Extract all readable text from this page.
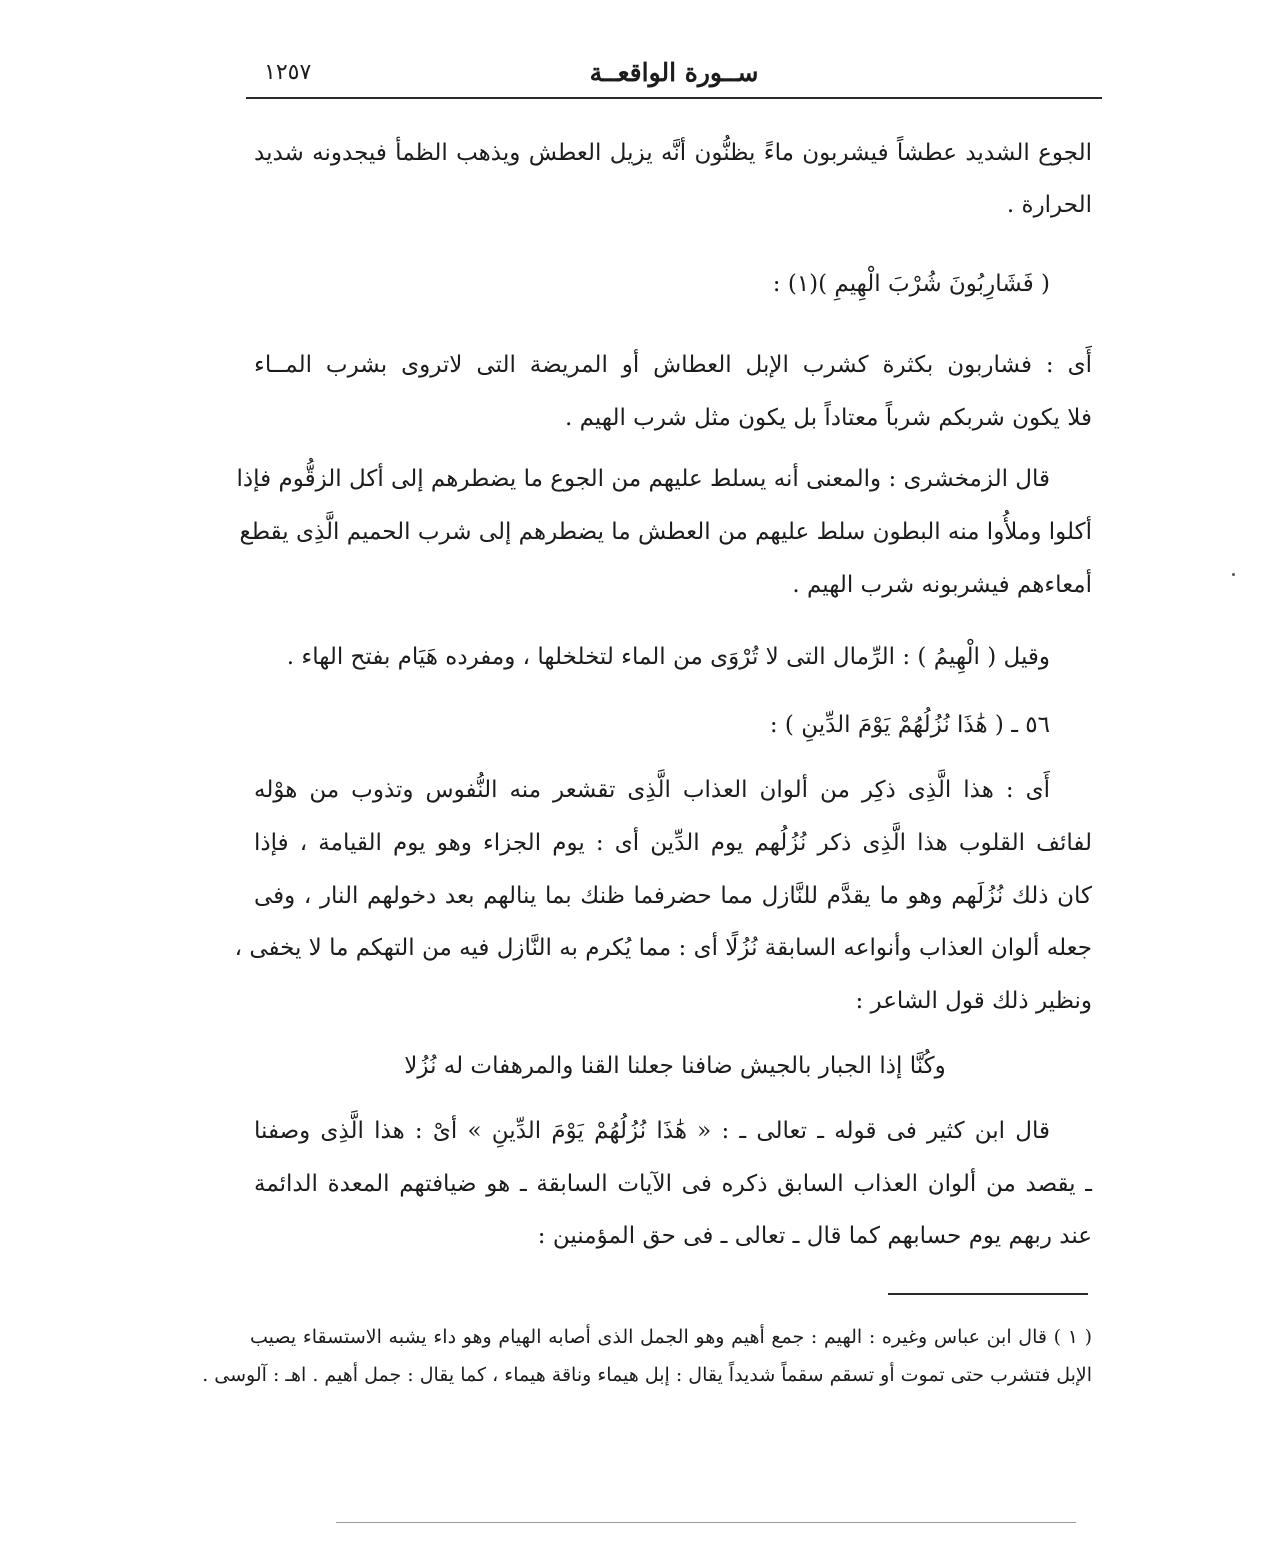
ســورة الواقعــة
١٢٥٧
الجوع الشديد عطشاً فيشربون ماءً يظنُّون أنَّه يزيل العطش ويذهب الظمأ فيجدونه شديد
الحرارة .
( فَشَارِبُونَ شُرْبَ الْهِيمِ )(١) :
أَى : فشاربون بكثرة كشرب الإبل العطاش أو المريضة التى لاتروى بشرب المــاء
فلا يكون شربكم شرباً معتاداً بل يكون مثل شرب الهيم .
قال الزمخشرى : والمعنى أنه يسلط عليهم من الجوع ما يضطرهم إلى أكل الزقُّوم فإذا
أكلوا وملأُوا منه البطون سلط عليهم من العطش ما يضطرهم إلى شرب الحميم الَّذِى يقطع
أمعاءهم فيشربونه شرب الهيم .
وقيل ( الْهِيمُ ) : الرِّمال التى لا تُرْوَى من الماء لتخلخلها ، ومفرده هَيَام بفتح الهاء .
٥٦ ـ ( هَٰذَا نُزُلُهُمْ يَوْمَ الدِّينِ ) :
أَى : هذا الَّذِى ذكِر من ألوان العذاب الَّذِى تقشعر منه النُّفوس وتذوب من هوْله
لفائف القلوب هذا الَّذِى ذكر نُزُلُهم يوم الدِّين أى : يوم الجزاء وهو يوم القيامة ، فإذا
كان ذلك نُزُلَهم وهو ما يقدَّم للنَّازل مما حضرفما ظنك بما ينالهم بعد دخولهم النار ، وفى
جعله ألوان العذاب وأنواعه السابقة نُزُلًا أى : مما يُكرم به النَّازل فيه من التهكم ما لا يخفى ،
ونظير ذلك قول الشاعر :
وكُنَّا إذا الجبار بالجيش ضافنا جعلنا القنا والمرهفات له نُزُلا
قال ابن كثير فى قوله ـ تعالى ـ : « هَٰذَا نُزُلُهُمْ يَوْمَ الدِّينِ » أىْ : هذا الَّذِى وصفنا
ـ يقصد من ألوان العذاب السابق ذكره فى الآيات السابقة ـ هو ضيافتهم المعدة الدائمة
عند ربهم يوم حسابهم كما قال ـ تعالى ـ فى حق المؤمنين :
( ١ ) قال ابن عباس وغيره : الهيم : جمع أهيم وهو الجمل الذى أصابه الهيام وهو داء يشبه الاستسقاء يصيب
الإبل فتشرب حتى تموت أو تسقم سقماً شديداً يقال : إبل هيماء وناقة هيماء ، كما يقال : جمل أهيم . اهـ : آلوسى .
